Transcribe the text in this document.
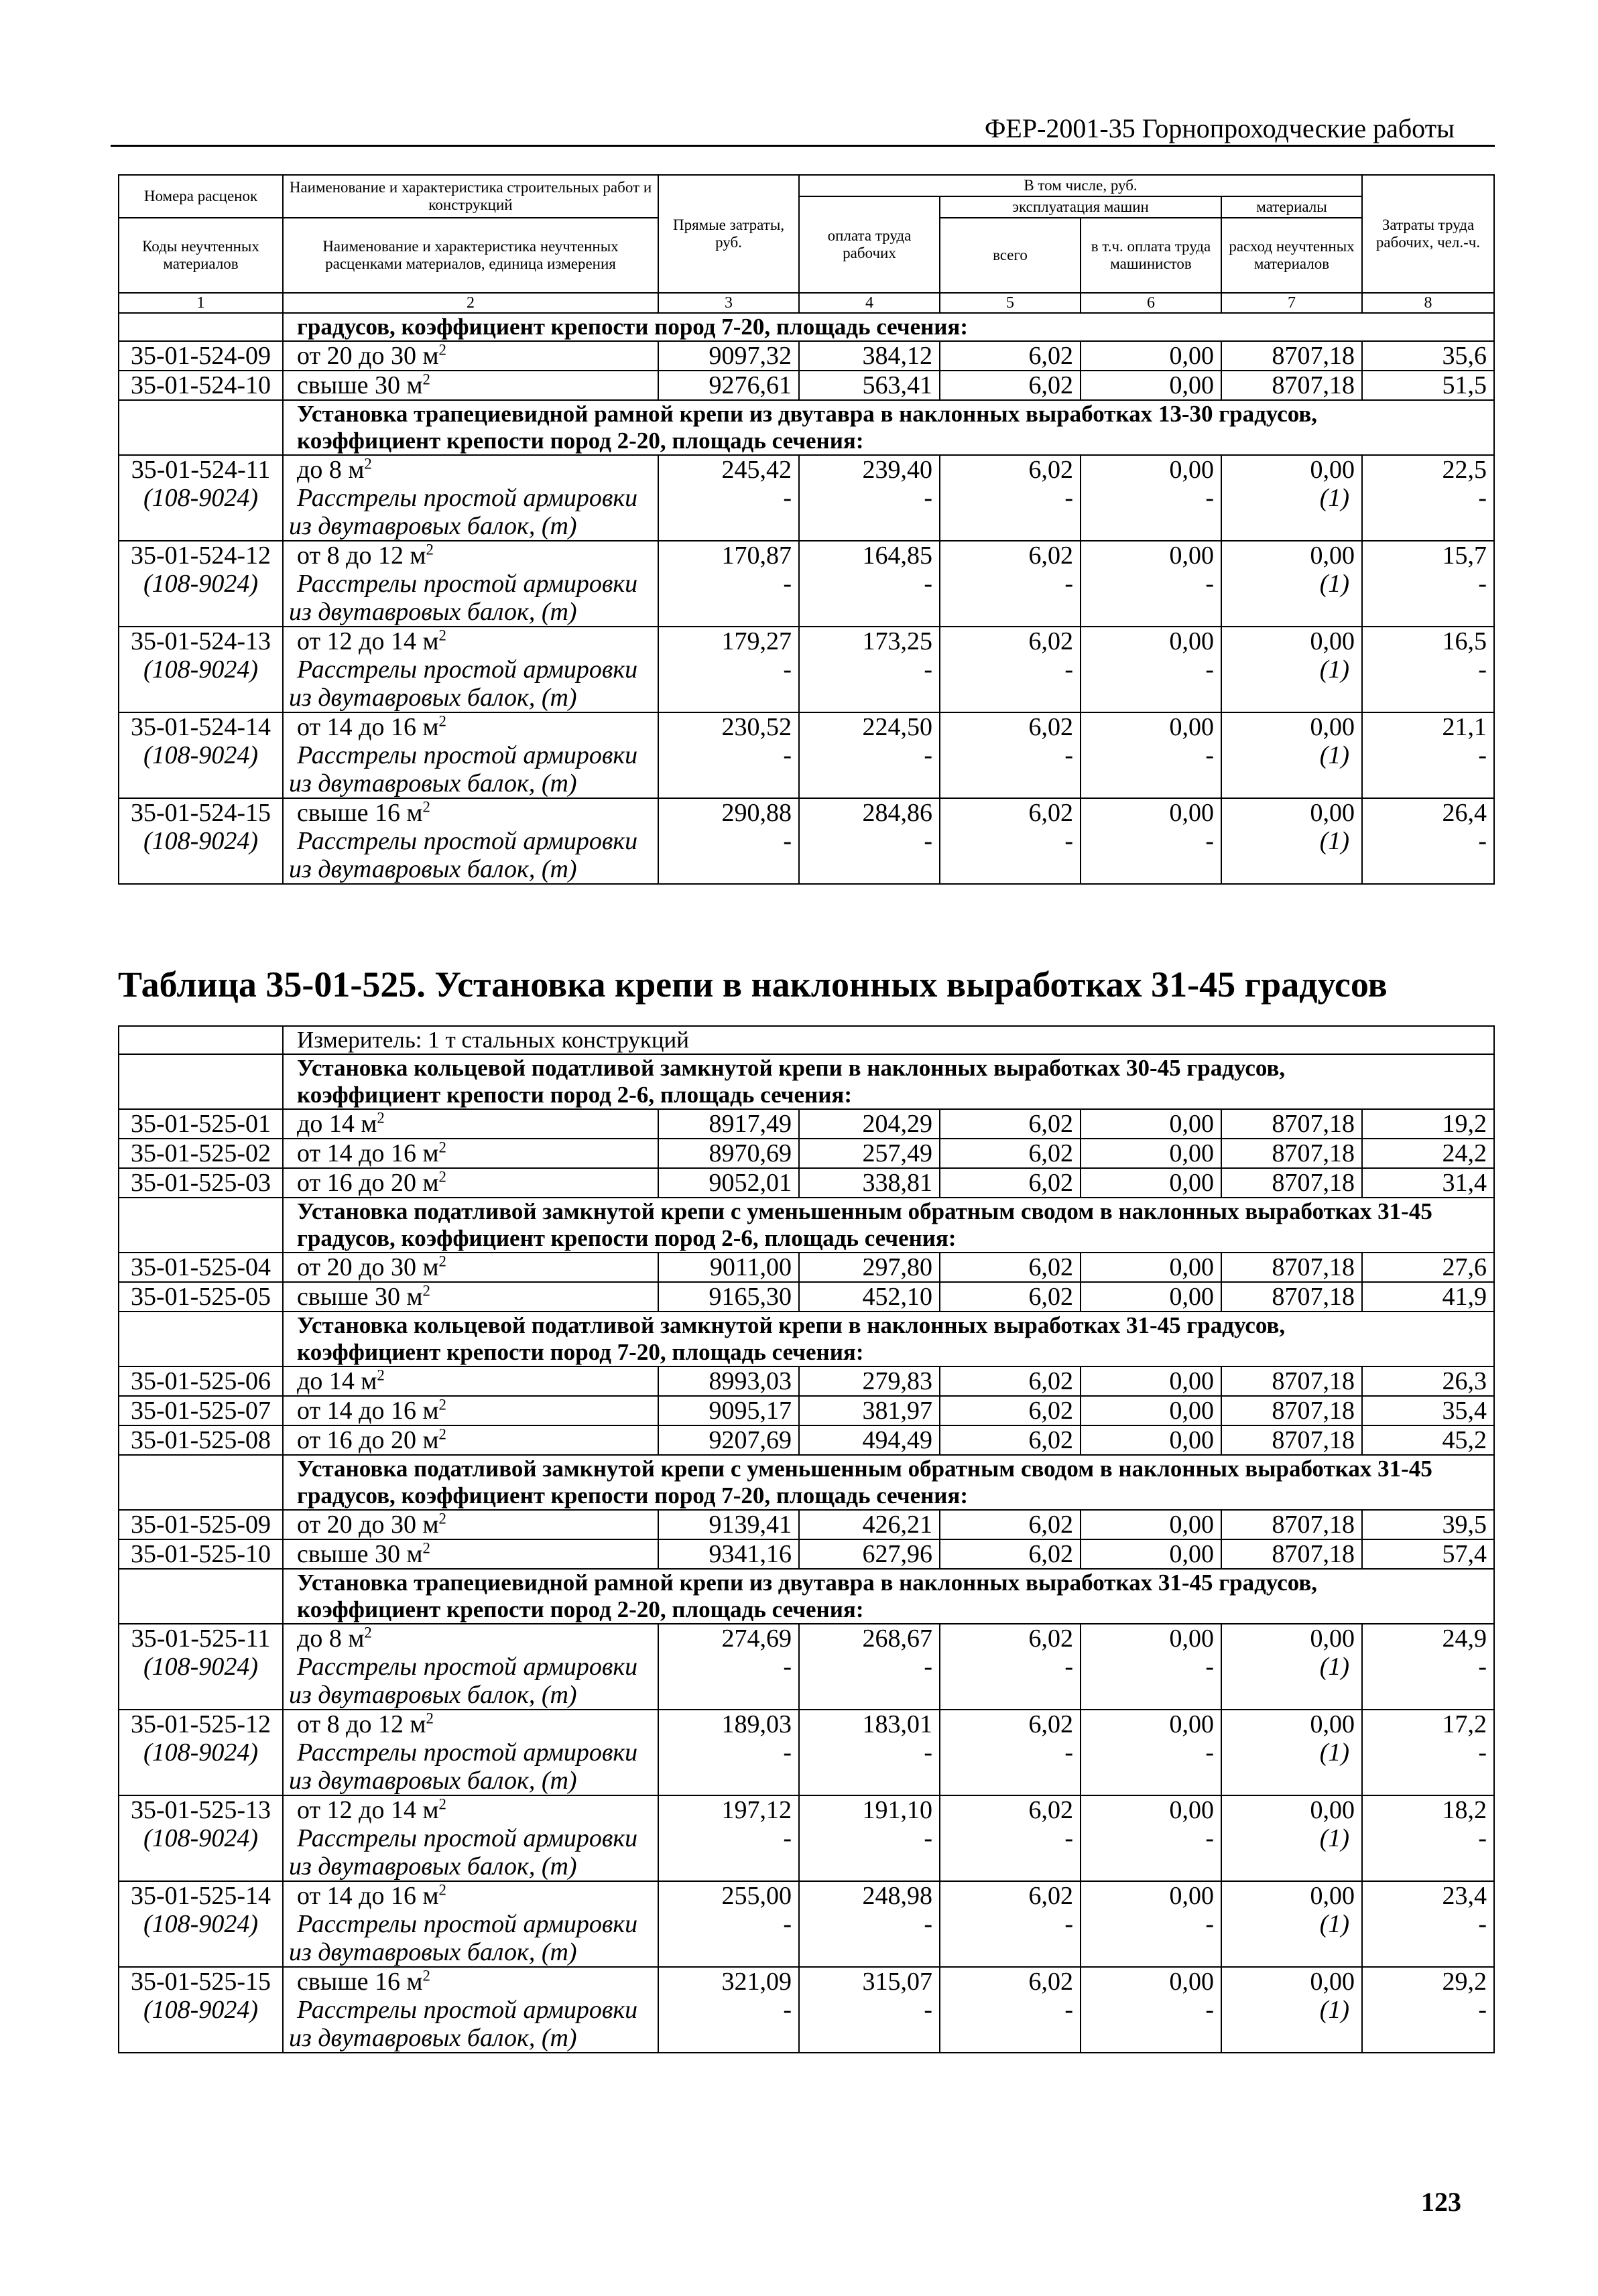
ФЕР-2001-35 Горнопроходческие работы
Номера расценок	Наименование и характеристика строительных работ и конструкций	Прямые затраты, руб.	В том числе, руб.				Затраты труда рабочих, чел.-ч.
			оплата труда рабочих	эксплуатация машин		материалы	
Коды неучтенных материалов	Наименование и характеристика неучтенных расценками материалов, единица измерения			всего	в т.ч. оплата труда машинистов	расход неучтенных материалов	

1	2	3	4	5	6	7	8
	градусов, коэффициент крепости пород 7-20, площадь сечения:						
35-01-524-09	от 20 до 30 $м^2$	9097,32	384,12	6,02	0,00	8707,18	35,6
35-01-524-10	свыше 30 $м^2$	9276,61	563,41	6,02	0,00	8707,18	51,5

	Установка трапециевидной рамной крепи из двутавра в наклонных выработках 13-30 градусов,
коэффициент крепости пород 2-20, площадь сечения:						

35-01-524-11	до 8 $м^2$	245,42	239,40	6,02	0,00	0,00	22,5
(108-9024)	Расстрелы простой армировки	-	-	-	-	(1)	-
	из двутавровых балок, (т)						
35-01-524-12	от 8 до 12 $м^2$	170,87	164,85	6,02	0,00	0,00	15,7
(108-9024)	Расстрелы простой армировки	-	-	-	-	(1)	-
	из двутавровых балок, (т)						
35-01-524-13	от 12 до 14 $м^2$	179,27	173,25	6,02	0,00	0,00	16,5
(108-9024)	Расстрелы простой армировки	-	-	-	-	(1)	-
	из двутавровых балок, (т)						
35-01-524-14	от 14 до 16 $м^2$	230,52	224,50	6,02	0,00	0,00	21,1
(108-9024)	Расстрелы простой армировки	-	-	-	-	(1)	-
	из двутавровых балок, (т)						
35-01-524-15	свыше 16 $м^2$	290,88	284,86	6,02	0,00	0,00	26,4
(108-9024)	Расстрелы простой армировки	-	-	-	-	(1)	-
	из двутавровых балок, (т)						
Таблица 35-01-525. Установка крепи в наклонных выработках 31-45 градусов
	Измеритель: 1 т стальных конструкций						

	Установка кольцевой податливой замкнутой крепи в наклонных выработках 30-45 градусов,
коэффициент крепости пород 2-6, площадь сечения:						

35-01-525-01	до 14 $м^2$	8917,49	204,29	6,02	0,00	8707,18	19,2
35-01-525-02	от 14 до 16 $м^2$	8970,69	257,49	6,02	0,00	8707,18	24,2
35-01-525-03	от 16 до 20 $м^2$	9052,01	338,81	6,02	0,00	8707,18	31,4

	Установка податливой замкнутой крепи с уменьшенным обратным сводом в наклонных выработках 31-45
градусов, коэффициент крепости пород 2-6, площадь сечения:						

35-01-525-04	от 20 до 30 $м^2$	9011,00	297,80	6,02	0,00	8707,18	27,6
35-01-525-05	свыше 30 $м^2$	9165,30	452,10	6,02	0,00	8707,18	41,9

	Установка кольцевой податливой замкнутой крепи в наклонных выработках 31-45 градусов,
коэффициент крепости пород 7-20, площадь сечения:						

35-01-525-06	до 14 $м^2$	8993,03	279,83	6,02	0,00	8707,18	26,3
35-01-525-07	от 14 до 16 $м^2$	9095,17	381,97	6,02	0,00	8707,18	35,4
35-01-525-08	от 16 до 20 $м^2$	9207,69	494,49	6,02	0,00	8707,18	45,2

	Установка податливой замкнутой крепи с уменьшенным обратным сводом в наклонных выработках 31-45
градусов, коэффициент крепости пород 7-20, площадь сечения:						

35-01-525-09	от 20 до 30 $м^2$	9139,41	426,21	6,02	0,00	8707,18	39,5
35-01-525-10	свыше 30 $м^2$	9341,16	627,96	6,02	0,00	8707,18	57,4

	Установка трапециевидной рамной крепи из двутавра в наклонных выработках 31-45 градусов,
коэффициент крепости пород 2-20, площадь сечения:						

35-01-525-11	до 8 $м^2$	274,69	268,67	6,02	0,00	0,00	24,9
(108-9024)	Расстрелы простой армировки	-	-	-	-	(1)	-
	из двутавровых балок, (т)						
35-01-525-12	от 8 до 12 $м^2$	189,03	183,01	6,02	0,00	0,00	17,2
(108-9024)	Расстрелы простой армировки	-	-	-	-	(1)	-
	из двутавровых балок, (т)						
35-01-525-13	от 12 до 14 $м^2$	197,12	191,10	6,02	0,00	0,00	18,2
(108-9024)	Расстрелы простой армировки	-	-	-	-	(1)	-
	из двутавровых балок, (т)						
35-01-525-14	от 14 до 16 $м^2$	255,00	248,98	6,02	0,00	0,00	23,4
(108-9024)	Расстрелы простой армировки	-	-	-	-	(1)	-
	из двутавровых балок, (т)						
35-01-525-15	свыше 16 $м^2$	321,09	315,07	6,02	0,00	0,00	29,2
(108-9024)	Расстрелы простой армировки	-	-	-	-	(1)	-
	из двутавровых балок, (т)						
123
